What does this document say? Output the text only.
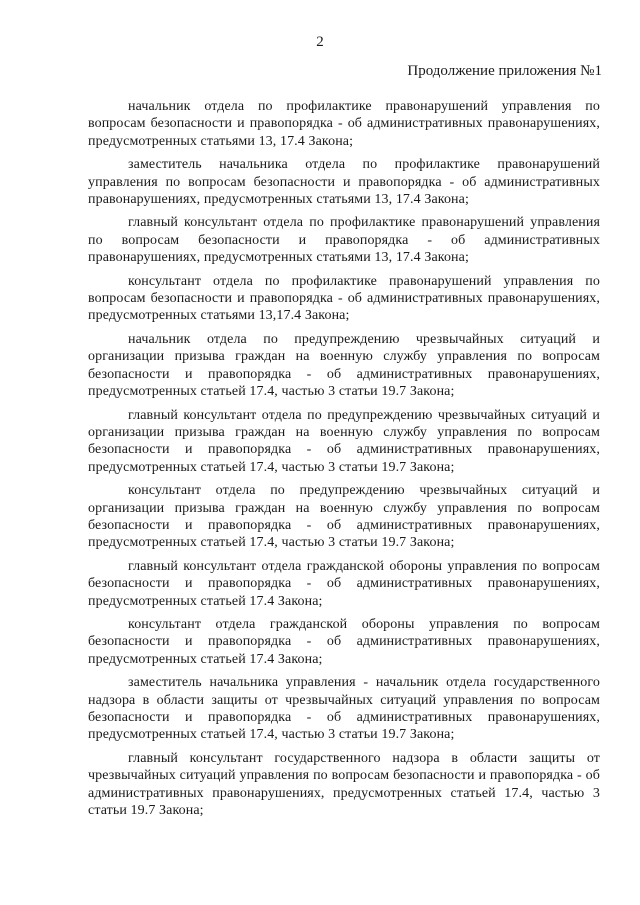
2
Продолжение приложения №1

начальник отдела по профилактике правонарушений управления по вопросам безопасности и правопорядка - об административных правонарушениях, предусмотренных статьями 13, 17.4 Закона;

заместитель начальника отдела по профилактике правонарушений управления по вопросам безопасности и правопорядка - об административных правонарушениях, предусмотренных статьями 13, 17.4 Закона;

главный консультант отдела по профилактике правонарушений управления по вопросам безопасности и правопорядка - об административных правонарушениях, предусмотренных статьями 13, 17.4 Закона;

консультант отдела по профилактике правонарушений управления по вопросам безопасности и правопорядка - об административных правонарушениях, предусмотренных статьями 13,17.4 Закона;

начальник отдела по предупреждению чрезвычайных ситуаций и организации призыва граждан на военную службу управления по вопросам безопасности и правопорядка - об административных правонарушениях, предусмотренных статьей 17.4, частью 3 статьи 19.7 Закона;

главный консультант отдела по предупреждению чрезвычайных ситуаций и организации призыва граждан на военную службу управления по вопросам безопасности и правопорядка - об административных правонарушениях, предусмотренных статьей 17.4, частью 3 статьи 19.7 Закона;

консультант отдела по предупреждению чрезвычайных ситуаций и организации призыва граждан на военную службу управления по вопросам безопасности и правопорядка - об административных правонарушениях, предусмотренных статьей 17.4, частью 3 статьи 19.7 Закона;

главный консультант отдела гражданской обороны управления по вопросам безопасности и правопорядка - об административных правонарушениях, предусмотренных статьей 17.4 Закона;

консультант отдела гражданской обороны управления по вопросам безопасности и правопорядка - об административных правонарушениях, предусмотренных статьей 17.4 Закона;

заместитель начальника управления - начальник отдела государственного надзора в области защиты от чрезвычайных ситуаций управления по вопросам безопасности и правопорядка - об административных правонарушениях, предусмотренных статьей 17.4, частью 3 статьи 19.7 Закона;

главный консультант государственного надзора в области защиты от чрезвычайных ситуаций управления по вопросам безопасности и правопорядка - об административных правонарушениях, предусмотренных статьей 17.4, частью 3 статьи 19.7 Закона;
